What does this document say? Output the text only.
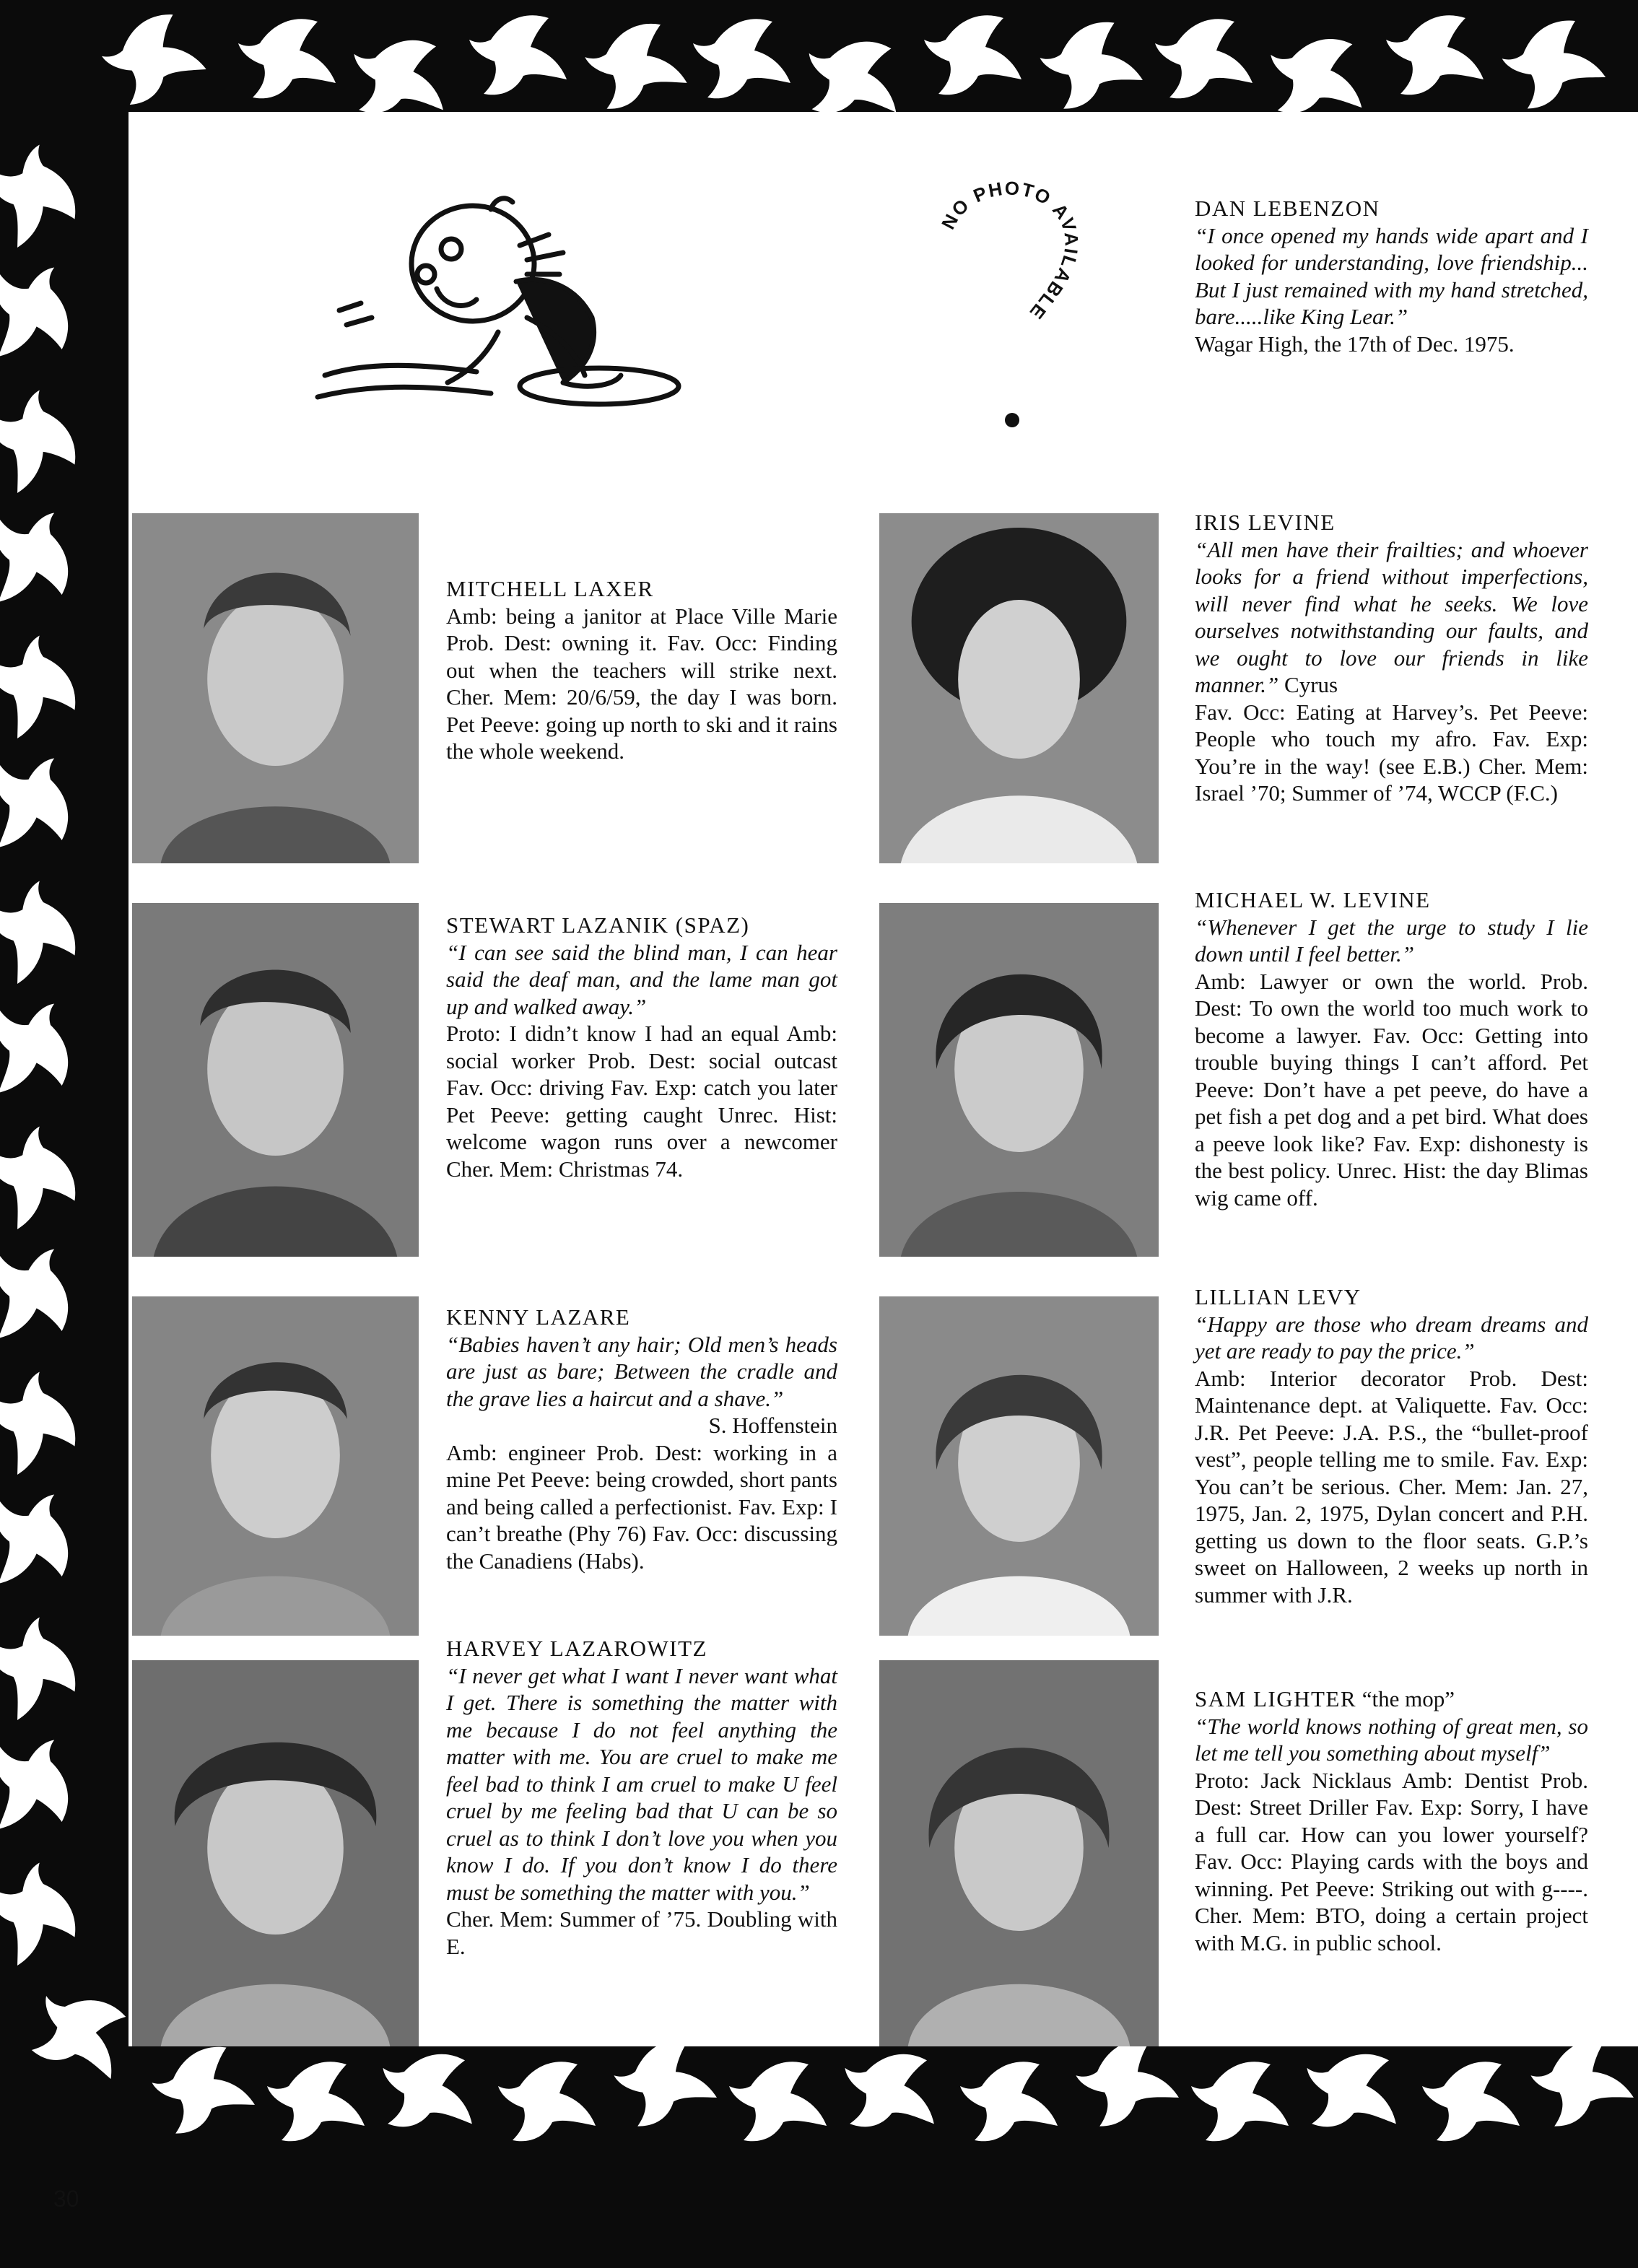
NO PHOTO AVAILABLE

DAN LEBENZON

“I once opened my hands wide apart and I looked for understanding, love friendship... But I just remained with my hand stretched, bare.....like King Lear.”

Wagar High, the 17th of Dec. 1975.

MITCHELL LAXER

Amb: being a janitor at Place Ville Marie Prob. Dest: owning it. Fav. Occ: Finding out when the teachers will strike next. Cher. Mem: 20/6/59, the day I was born. Pet Peeve: going up north to ski and it rains the whole weekend.

IRIS LEVINE

“All men have their frailties; and whoever looks for a friend without imperfections, will never find what he seeks. We love ourselves notwithstanding our faults, and we ought to love our friends in like manner.” Cyrus

Fav. Occ: Eating at Harvey’s. Pet Peeve: People who touch my afro. Fav. Exp: You’re in the way! (see E.B.) Cher. Mem: Israel ’70; Summer of ’74, WCCP (F.C.)

STEWART LAZANIK (SPAZ)

“I can see said the blind man, I can hear said the deaf man, and the lame man got up and walked away.”

Proto: I didn’t know I had an equal Amb: social worker Prob. Dest: social outcast Fav. Occ: driving Fav. Exp: catch you later Pet Peeve: getting caught Unrec. Hist: welcome wagon runs over a newcomer Cher. Mem: Christmas 74.

MICHAEL W. LEVINE

“Whenever I get the urge to study I lie down until I feel better.”

Amb: Lawyer or own the world. Prob. Dest: To own the world too much work to become a lawyer. Fav. Occ: Getting into trouble buying things I can’t afford. Pet Peeve: Don’t have a pet peeve, do have a pet fish a pet dog and a pet bird. What does a peeve look like? Fav. Exp: dishonesty is the best policy. Unrec. Hist: the day Blimas wig came off.

KENNY LAZARE

“Babies haven’t any hair; Old men’s heads are just as bare; Between the cradle and the grave lies a haircut and a shave.”

S. Hoffenstein

Amb: engineer Prob. Dest: working in a mine Pet Peeve: being crowded, short pants and being called a perfectionist. Fav. Exp: I can’t breathe (Phy 76) Fav. Occ: discussing the Canadiens (Habs).

LILLIAN LEVY

“Happy are those who dream dreams and yet are ready to pay the price.”

Amb: Interior decorator Prob. Dest: Maintenance dept. at Valiquette. Fav. Occ: J.R. Pet Peeve: J.A. P.S., the “bullet-proof vest”, people telling me to smile. Fav. Exp: You can’t be serious. Cher. Mem: Jan. 27, 1975, Jan. 2, 1975, Dylan concert and P.H. getting us down to the floor seats. G.P.’s sweet on Halloween, 2 weeks up north in summer with J.R.

HARVEY LAZAROWITZ

“I never get what I want I never want what I get. There is something the matter with me because I do not feel anything the matter with me. You are cruel to make me feel bad to think I am cruel to make U feel cruel by me feeling bad that U can be so cruel as to think I don’t love you when you know I do. If you don’t know I do there must be something the matter with you.”

Cher. Mem: Summer of ’75. Doubling with E.

SAM LIGHTER “the mop”

“The world knows nothing of great men, so let me tell you something about myself”

Proto: Jack Nicklaus Amb: Dentist Prob. Dest: Street Driller Fav. Exp: Sorry, I have a full car. How can you lower yourself? Fav. Occ: Playing cards with the boys and winning. Pet Peeve: Striking out with g----. Cher. Mem: BTO, doing a certain project with M.G. in public school.

30
